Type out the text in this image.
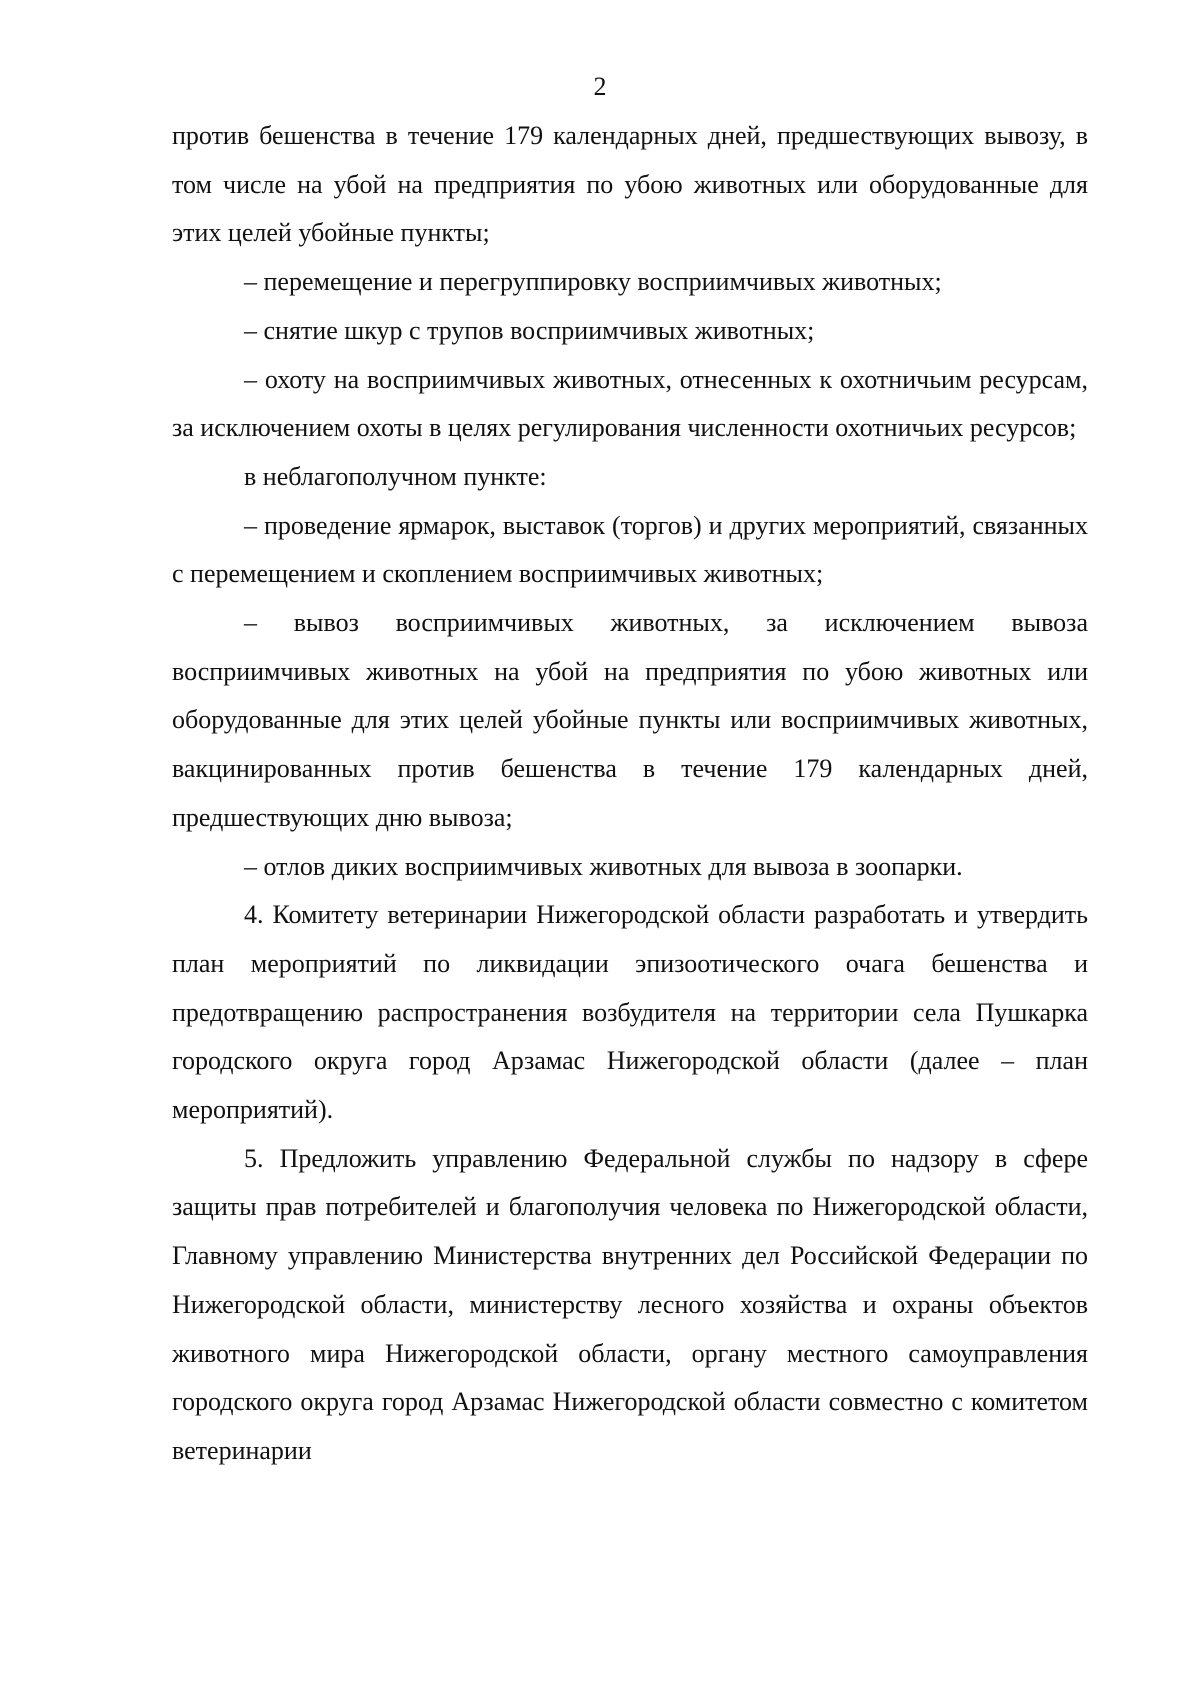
2

против бешенства в течение 179 календарных дней, предшествующих вывозу, в том числе на убой на предприятия по убою животных или оборудованные для этих целей убойные пункты;

– перемещение и перегруппировку восприимчивых животных;

– снятие шкур с трупов восприимчивых животных;

– охоту на восприимчивых животных, отнесенных к охотничьим ресурсам, за исключением охоты в целях регулирования численности охотничьих ресурсов;

в неблагополучном пункте:

– проведение ярмарок, выставок (торгов) и других мероприятий, связанных с перемещением и скоплением восприимчивых животных;

– вывоз восприимчивых животных, за исключением вывоза восприимчивых животных на убой на предприятия по убою животных или оборудованные для этих целей убойные пункты или восприимчивых животных, вакцинированных против бешенства в течение 179 календарных дней, предшествующих дню вывоза;

– отлов диких восприимчивых животных для вывоза в зоопарки.

4. Комитету ветеринарии Нижегородской области разработать и утвердить план мероприятий по ликвидации эпизоотического очага бешенства и предотвращению распространения возбудителя на территории села Пушкарка городского округа город Арзамас Нижегородской области (далее – план мероприятий).

5. Предложить управлению Федеральной службы по надзору в сфере защиты прав потребителей и благополучия человека по Нижегородской области, Главному управлению Министерства внутренних дел Российской Федерации по Нижегородской области, министерству лесного хозяйства и охраны объектов животного мира Нижегородской области, органу местного самоуправления городского округа город Арзамас Нижегородской области совместно с комитетом ветеринарии
